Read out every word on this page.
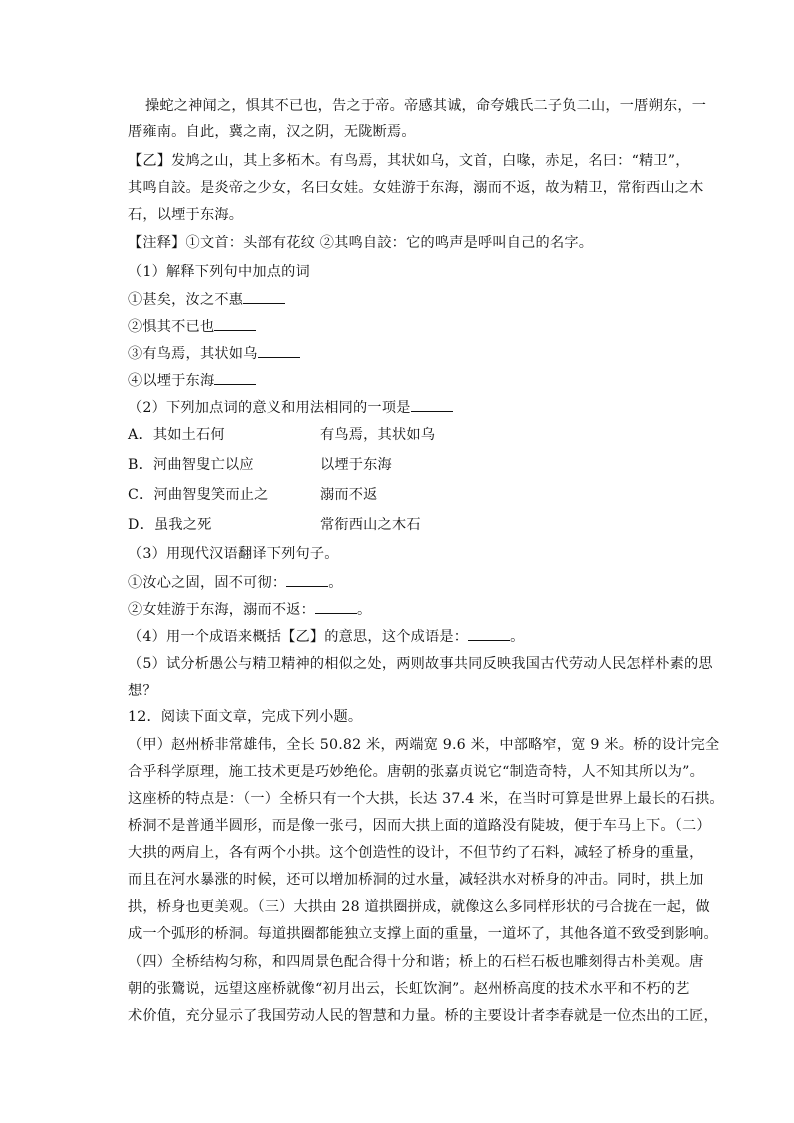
操蛇之神闻之，惧其不已也，告之于帝。帝感其诚，命夸娥氏二子负二山，一厝朔东，一
厝雍南。自此，冀之南，汉之阴，无陇断焉。
【乙】发鸠之山，其上多柘木。有鸟焉，其状如乌，文首，白喙，赤足，名曰：“精卫”，
其鸣自詨。是炎帝之少女，名曰女娃。女娃游于东海，溺而不返，故为精卫，常衔西山之木
石，以堙于东海。
【注释】①文首：头部有花纹 ②其鸣自詨：它的鸣声是呼叫自己的名字。
（1）解释下列句中加点的词
①甚矣，汝之不惠
②惧其不已也
③有鸟焉，其状如乌
④以堙于东海
（2）下列加点词的意义和用法相同的一项是
A．其如土石何	有鸟焉，其状如乌
B．河曲智叟亡以应	以堙于东海
C．河曲智叟笑而止之	溺而不返
D．虽我之死	常衔西山之木石
（3）用现代汉语翻译下列句子。
①汝心之固，固不可彻：	。
②女娃游于东海，溺而不返：	。
（4）用一个成语来概括【乙】的意思，这个成语是：	。
（5）试分析愚公与精卫精神的相似之处，两则故事共同反映我国古代劳动人民怎样朴素的思
想？
12．阅读下面文章，完成下列小题。
（甲）赵州桥非常雄伟，全长 50.82 米，两端宽 9.6 米，中部略窄，宽 9 米。桥的设计完全
合乎科学原理，施工技术更是巧妙绝伦。唐朝的张嘉贞说它“制造奇特，人不知其所以为”。
这座桥的特点是：（一）全桥只有一个大拱，长达 37.4 米，在当时可算是世界上最长的石拱。
桥洞不是普通半圆形，而是像一张弓，因而大拱上面的道路没有陡坡，便于车马上下。（二）
大拱的两肩上，各有两个小拱。这个创造性的设计，不但节约了石料，减轻了桥身的重量，
而且在河水暴涨的时候，还可以增加桥洞的过水量，减轻洪水对桥身的冲击。同时，拱上加
拱，桥身也更美观。（三）大拱由 28 道拱圈拼成，就像这么多同样形状的弓合拢在一起，做
成一个弧形的桥洞。每道拱圈都能独立支撑上面的重量，一道坏了，其他各道不致受到影响。
（四）全桥结构匀称，和四周景色配合得十分和谐；桥上的石栏石板也雕刻得古朴美观。唐
朝的张鷟说，远望这座桥就像“初月出云，长虹饮涧”。赵州桥高度的技术水平和不朽的艺
术价值，充分显示了我国劳动人民的智慧和力量。桥的主要设计者李春就是一位杰出的工匠，
